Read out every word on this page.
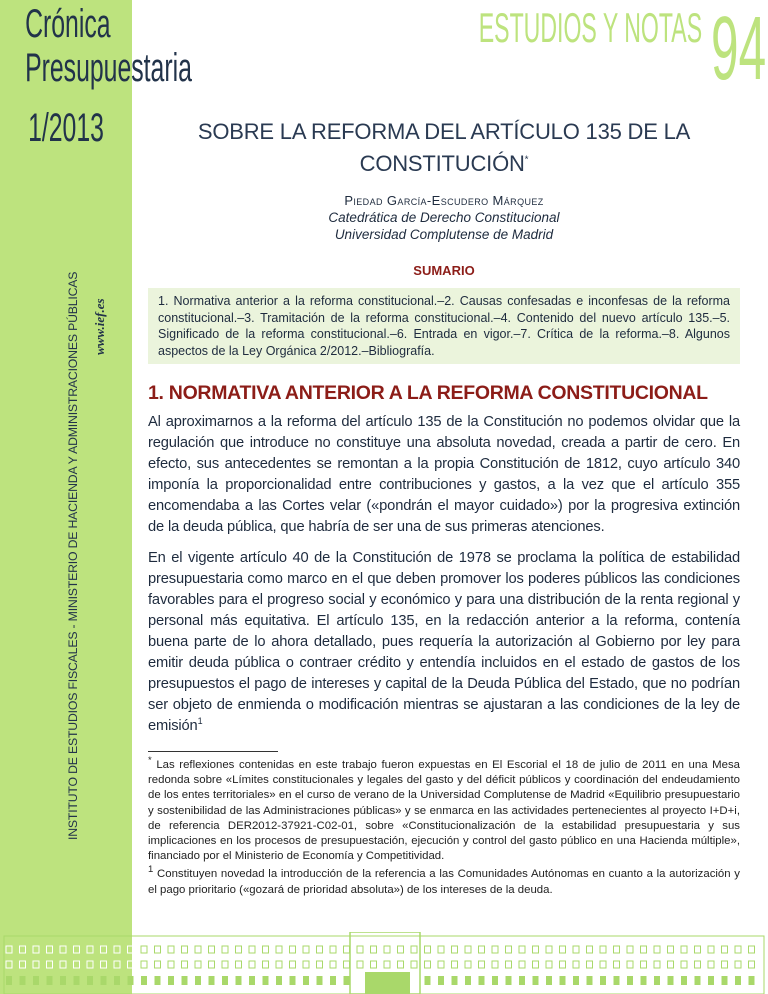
Crónica
Presupuestaria
1/2013
INSTITUTO DE ESTUDIOS FISCALES - MINISTERIO DE HACIENDA Y ADMINISTRACIONES PÚBLICAS www.ief.es
ESTUDIOS Y NOTAS 94
SOBRE LA REFORMA DEL ARTÍCULO 135 DE LA CONSTITUCIÓN*
Piedad García-Escudero Márquez
Catedrática de Derecho Constitucional
Universidad Complutense de Madrid
SUMARIO
1. Normativa anterior a la reforma constitucional.–2. Causas confesadas e inconfesas de la reforma constitucional.–3. Tramitación de la reforma constitucional.–4. Contenido del nuevo artículo 135.–5. Significado de la reforma constitucional.–6. Entrada en vigor.–7. Crítica de la reforma.–8. Algunos aspectos de la Ley Orgánica 2/2012.–Bibliografía.
1. NORMATIVA ANTERIOR A LA REFORMA CONSTITUCIONAL
Al aproximarnos a la reforma del artículo 135 de la Constitución no podemos olvidar que la regulación que introduce no constituye una absoluta novedad, creada a partir de cero. En efecto, sus antecedentes se remontan a la propia Constitución de 1812, cuyo artículo 340 imponía la proporcionalidad entre contribuciones y gastos, a la vez que el artículo 355 encomendaba a las Cortes velar («pondrán el mayor cuidado») por la progresiva extinción de la deuda pública, que habría de ser una de sus primeras atenciones.
En el vigente artículo 40 de la Constitución de 1978 se proclama la política de estabilidad presupuestaria como marco en el que deben promover los poderes públicos las condiciones favorables para el progreso social y económico y para una distribución de la renta regional y personal más equitativa. El artículo 135, en la redacción anterior a la reforma, contenía buena parte de lo ahora detallado, pues requería la autorización al Gobierno por ley para emitir deuda pública o contraer crédito y entendía incluidos en el estado de gastos de los presupuestos el pago de intereses y capital de la Deuda Pública del Estado, que no podrían ser objeto de enmienda o modificación mientras se ajustaran a las condiciones de la ley de emisión$^1$
* Las reflexiones contenidas en este trabajo fueron expuestas en El Escorial el 18 de julio de 2011 en una Mesa redonda sobre «Límites constitucionales y legales del gasto y del déficit públicos y coordinación del endeudamiento de los entes territoriales» en el curso de verano de la Universidad Complutense de Madrid «Equilibrio presupuestario y sostenibilidad de las Administraciones públicas» y se enmarca en las actividades pertenecientes al proyecto I+D+i, de referencia DER2012-37921-C02-01, sobre «Constitucionalización de la estabilidad presupuestaria y sus implicaciones en los procesos de presupuestación, ejecución y control del gasto público en una Hacienda múltiple», financiado por el Ministerio de Economía y Competitividad.
$^1$ Constituyen novedad la introducción de la referencia a las Comunidades Autónomas en cuanto a la autorización y el pago prioritario («gozará de prioridad absoluta») de los intereses de la deuda.
